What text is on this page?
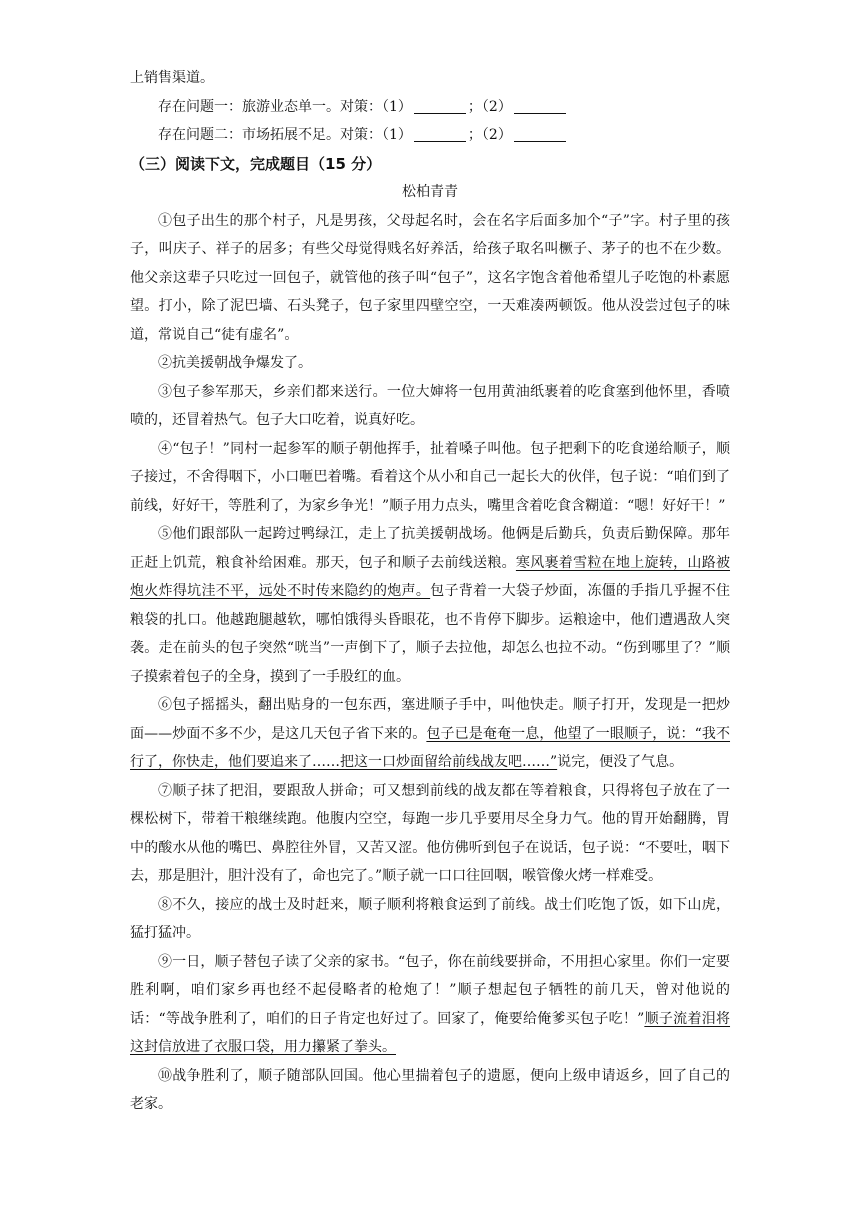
上销售渠道。
存在问题一：旅游业态单一。对策：（1）	；（2）
存在问题二：市场拓展不足。对策：（1）	；（2）
（三）阅读下文，完成题目（15 分）
松柏青青

①包子出生的那个村子，凡是男孩，父母起名时，会在名字后面多加个“子”字。村子里的孩子，叫庆子、祥子的居多；有些父母觉得贱名好养活，给孩子取名叫橛子、茅子的也不在少数。他父亲这辈子只吃过一回包子，就管他的孩子叫“包子”，这名字饱含着他希望儿子吃饱的朴素愿望。打小，除了泥巴墙、石头凳子，包子家里四壁空空，一天难凑两顿饭。他从没尝过包子的味道，常说自己“徒有虚名”。

②抗美援朝战争爆发了。

③包子参军那天，乡亲们都来送行。一位大婶将一包用黄油纸裹着的吃食塞到他怀里，香喷喷的，还冒着热气。包子大口吃着，说真好吃。

④“包子！”同村一起参军的顺子朝他挥手，扯着嗓子叫他。包子把剩下的吃食递给顺子，顺子接过，不舍得咽下，小口咂巴着嘴。看着这个从小和自己一起长大的伙伴，包子说：“咱们到了前线，好好干，等胜利了，为家乡争光！”顺子用力点头，嘴里含着吃食含糊道：“嗯！好好干！”

⑤他们跟部队一起跨过鸭绿江，走上了抗美援朝战场。他俩是后勤兵，负责后勤保障。那年正赶上饥荒，粮食补给困难。那天，包子和顺子去前线送粮。寒风裹着雪粒在地上旋转，山路被炮火炸得坑洼不平，远处不时传来隐约的炮声。包子背着一大袋子炒面，冻僵的手指几乎握不住粮袋的扎口。他越跑腿越软，哪怕饿得头昏眼花，也不肯停下脚步。运粮途中，他们遭遇敌人突袭。走在前头的包子突然“咣当”一声倒下了，顺子去拉他，却怎么也拉不动。“伤到哪里了？”顺子摸索着包子的全身，摸到了一手股红的血。

⑥包子摇摇头，翻出贴身的一包东西，塞进顺子手中，叫他快走。顺子打开，发现是一把炒面——炒面不多不少，是这几天包子省下来的。包子已是奄奄一息，他望了一眼顺子，说：“我不行了，你快走，他们要追来了……把这一口炒面留给前线战友吧……”说完，便没了气息。

⑦顺子抹了把泪，要跟敌人拼命；可又想到前线的战友都在等着粮食，只得将包子放在了一棵松树下，带着干粮继续跑。他腹内空空，每跑一步几乎要用尽全身力气。他的胃开始翻腾，胃中的酸水从他的嘴巴、鼻腔往外冒，又苦又涩。他仿佛听到包子在说话，包子说：“不要吐，咽下去，那是胆汁，胆汁没有了，命也完了。”顺子就一口口往回咽，喉管像火烤一样难受。

⑧不久，接应的战士及时赶来，顺子顺利将粮食运到了前线。战士们吃饱了饭，如下山虎，猛打猛冲。

⑨一日，顺子替包子读了父亲的家书。“包子，你在前线要拼命，不用担心家里。你们一定要胜利啊，咱们家乡再也经不起侵略者的枪炮了！”顺子想起包子牺牲的前几天，曾对他说的话：“等战争胜利了，咱们的日子肯定也好过了。回家了，俺要给俺爹买包子吃！”顺子流着泪将这封信放进了衣服口袋，用力攥紧了拳头。

⑩战争胜利了，顺子随部队回国。他心里揣着包子的遗愿，便向上级申请返乡，回了自己的老家。
